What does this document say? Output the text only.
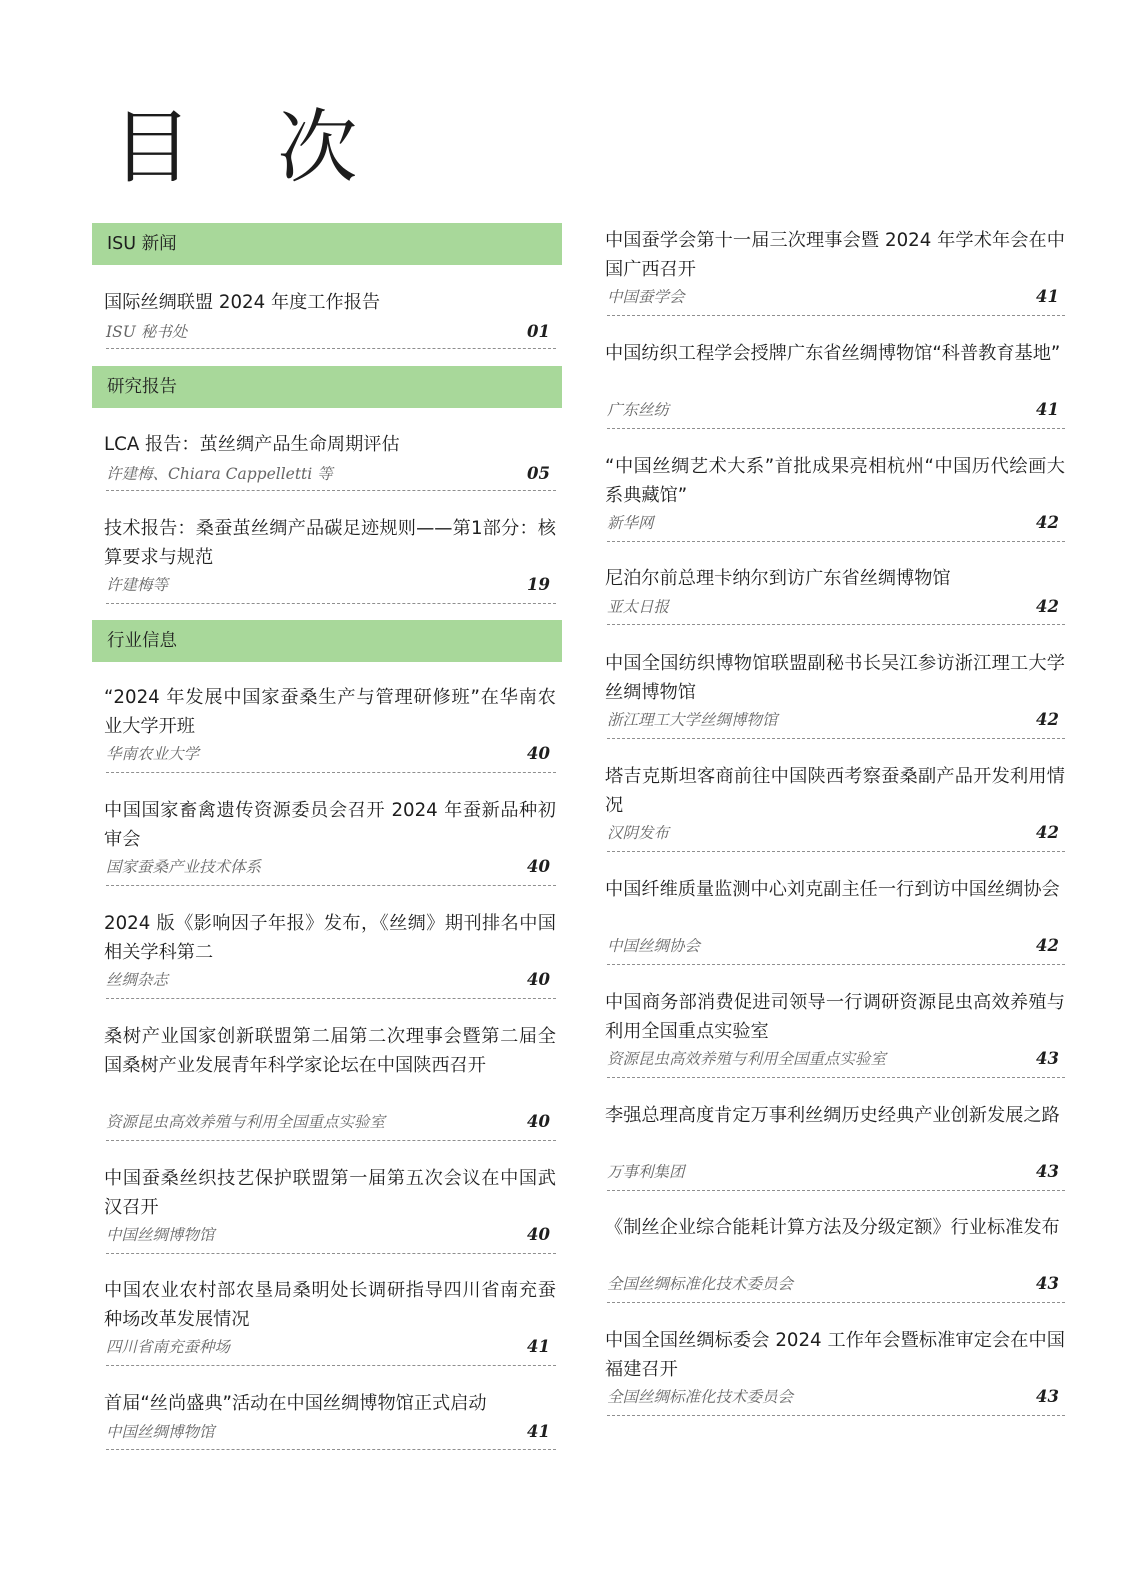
目 次
ISU 新闻
国际丝绸联盟 2024 年度工作报告
ISU 秘书处	01
研究报告
LCA 报告：茧丝绸产品生命周期评估
许建梅、Chiara Cappelletti 等	05
技术报告：桑蚕茧丝绸产品碳足迹规则——第1部分：核算要求与规范
许建梅等	19
行业信息
“2024 年发展中国家蚕桑生产与管理研修班”在华南农业大学开班
华南农业大学	40
中国国家畜禽遗传资源委员会召开 2024 年蚕新品种初审会
国家蚕桑产业技术体系	40
2024 版《影响因子年报》发布，《丝绸》期刊排名中国相关学科第二
丝绸杂志	40
桑树产业国家创新联盟第二届第二次理事会暨第二届全国桑树产业发展青年科学家论坛在中国陕西召开
资源昆虫高效养殖与利用全国重点实验室	40
中国蚕桑丝织技艺保护联盟第一届第五次会议在中国武汉召开
中国丝绸博物馆	40
中国农业农村部农垦局桑明处长调研指导四川省南充蚕种场改革发展情况
四川省南充蚕种场	41
首届“丝尚盛典”活动在中国丝绸博物馆正式启动
中国丝绸博物馆	41
中国蚕学会第十一届三次理事会暨 2024 年学术年会在中国广西召开
中国蚕学会	41
中国纺织工程学会授牌广东省丝绸博物馆“科普教育基地”
广东丝纺	41
“中国丝绸艺术大系”首批成果亮相杭州“中国历代绘画大系典藏馆”
新华网	42
尼泊尔前总理卡纳尔到访广东省丝绸博物馆
亚太日报	42
中国全国纺织博物馆联盟副秘书长吴江参访浙江理工大学丝绸博物馆
浙江理工大学丝绸博物馆	42
塔吉克斯坦客商前往中国陕西考察蚕桑副产品开发利用情况
汉阴发布	42
中国纤维质量监测中心刘克副主任一行到访中国丝绸协会
中国丝绸协会	42
中国商务部消费促进司领导一行调研资源昆虫高效养殖与利用全国重点实验室
资源昆虫高效养殖与利用全国重点实验室	43
李强总理高度肯定万事利丝绸历史经典产业创新发展之路
万事利集团	43
《制丝企业综合能耗计算方法及分级定额》行业标准发布
全国丝绸标准化技术委员会	43
中国全国丝绸标委会 2024 工作年会暨标准审定会在中国福建召开
全国丝绸标准化技术委员会	43
